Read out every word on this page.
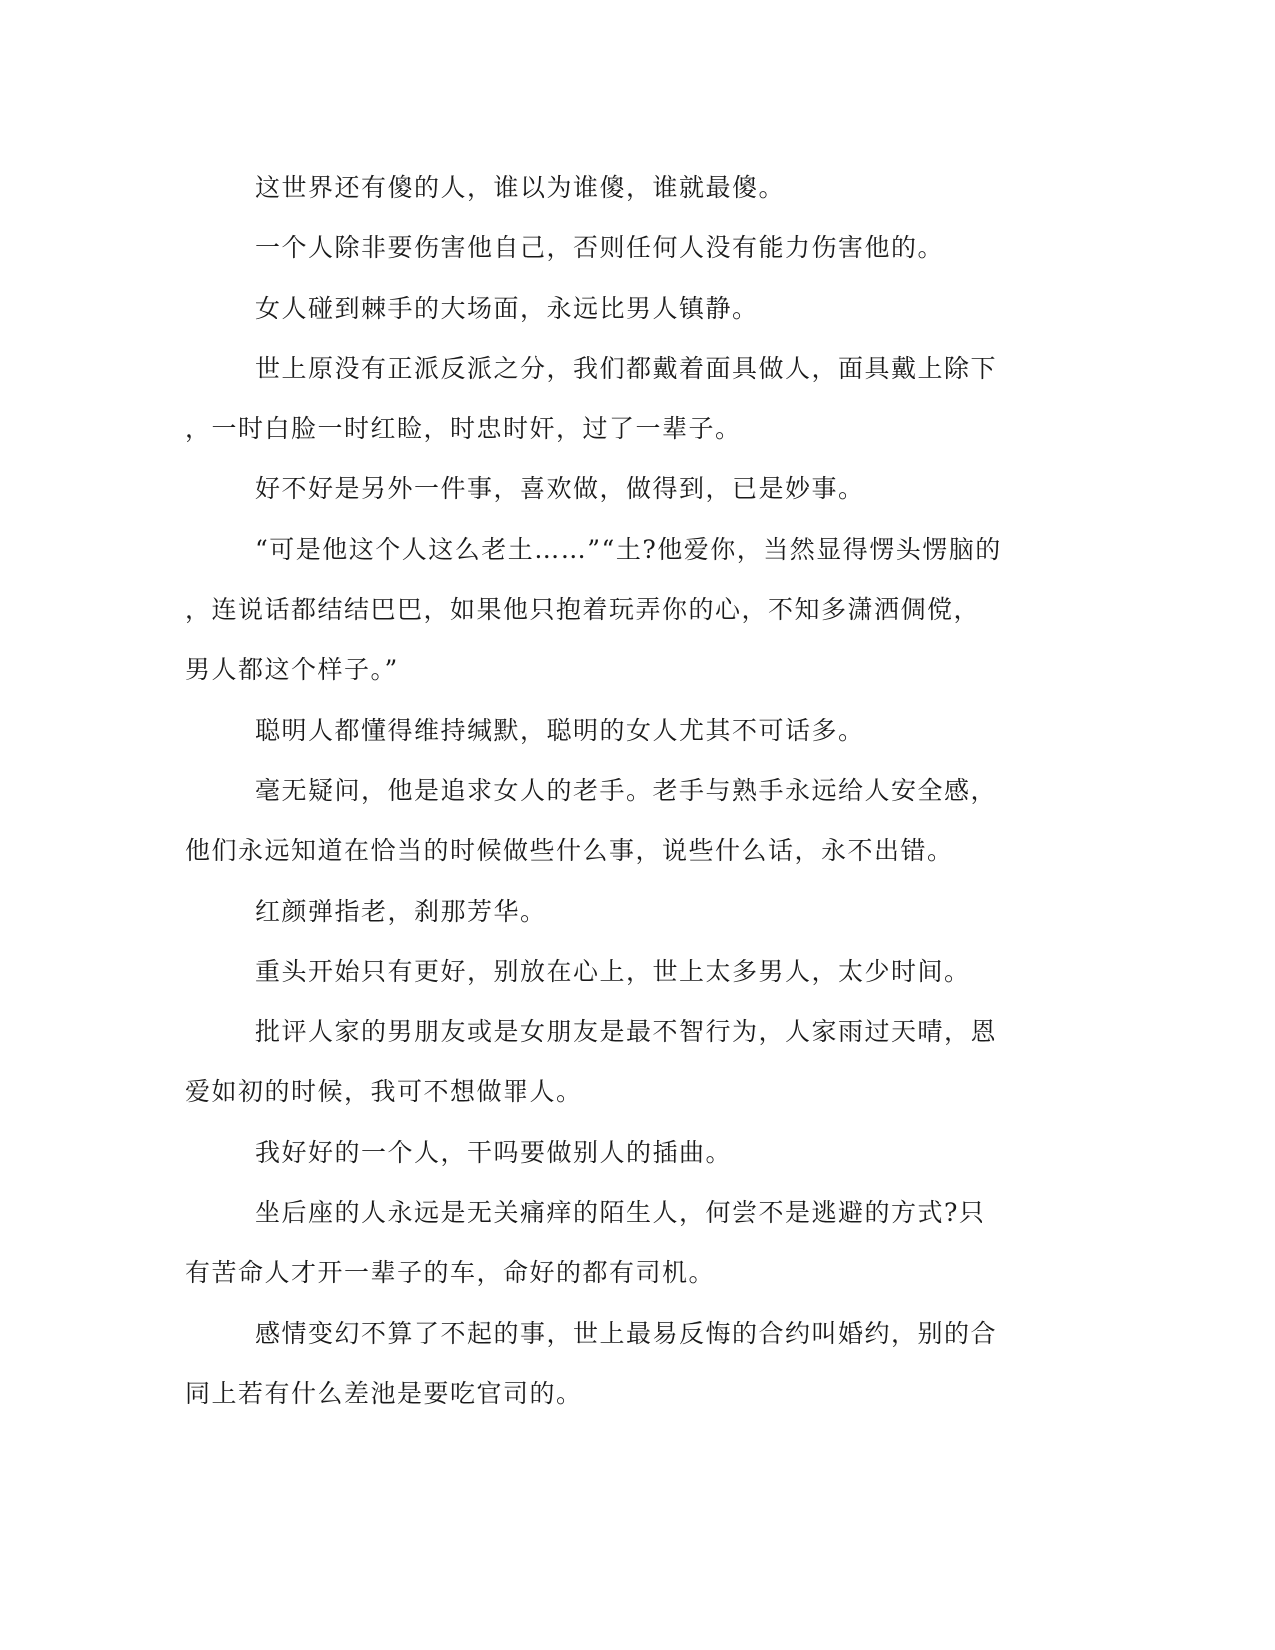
这世界还有傻的人，谁以为谁傻，谁就最傻。
一个人除非要伤害他自己，否则任何人没有能力伤害他的。
女人碰到棘手的大场面，永远比男人镇静。
世上原没有正派反派之分，我们都戴着面具做人，面具戴上除下
，一时白脸一时红睑，时忠时奸，过了一辈子。
好不好是另外一件事，喜欢做，做得到，已是妙事。
“可是他这个人这么老土……”“土?他爱你，当然显得愣头愣脑的
，连说话都结结巴巴，如果他只抱着玩弄你的心，不知多潇洒倜傥，
男人都这个样子。”
聪明人都懂得维持缄默，聪明的女人尤其不可话多。
毫无疑问，他是追求女人的老手。老手与熟手永远给人安全感，
他们永远知道在恰当的时候做些什么事，说些什么话，永不出错。
红颜弹指老，刹那芳华。
重头开始只有更好，别放在心上，世上太多男人，太少时间。
批评人家的男朋友或是女朋友是最不智行为，人家雨过天晴，恩
爱如初的时候，我可不想做罪人。
我好好的一个人，干吗要做别人的插曲。
坐后座的人永远是无关痛痒的陌生人，何尝不是逃避的方式?只
有苦命人才开一辈子的车，命好的都有司机。
感情变幻不算了不起的事，世上最易反悔的合约叫婚约，别的合
同上若有什么差池是要吃官司的。
